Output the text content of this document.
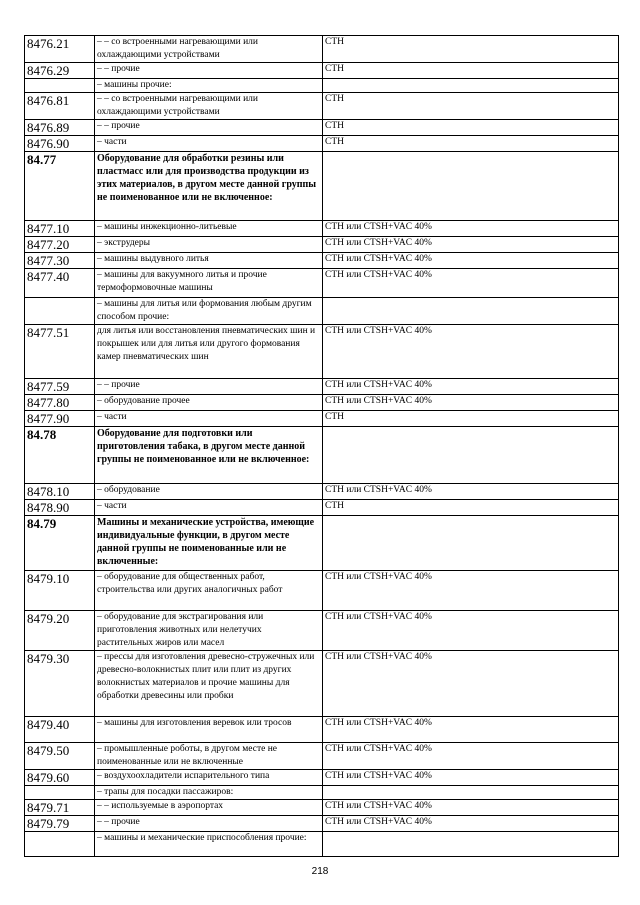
8476.21	– – со встроенными нагревающими или охлаждающими устройствами	СТН
8476.29	– – прочие	СТН
	– машины прочие:	
8476.81	– – со встроенными нагревающими или охлаждающими устройствами	СТН
8476.89	– – прочие	СТН
8476.90	– части	СТН
84.77	Оборудование для обработки резины или пластмасс или для производства продукции из этих материалов, в другом месте данной группы не поименованное или не включенное:	
8477.10	– машины инжекционно-литьевые	СТН или CTSH+VAC 40%
8477.20	– экструдеры	СТН или CTSH+VAC 40%
8477.30	– машины выдувного литья	СТН или CTSH+VAC 40%
8477.40	– машины для вакуумного литья и прочие термоформовочные машины	СТН или CTSH+VAC 40%
	– машины для литья или формования любым другим способом прочие:	
8477.51	для литья или восстановления пневматических шин и покрышек или для литья или другого формования камер пневматических шин	СТН или CTSH+VAC 40%
8477.59	– – прочие	СТН или CTSH+VAC 40%
8477.80	– оборудование прочее	СТН или CTSH+VAC 40%
8477.90	– части	СТН
84.78	Оборудование для подготовки или приготовления табака, в другом месте данной группы не поименованное или не включенное:	
8478.10	– оборудование	СТН или CTSH+VAC 40%
8478.90	– части	СТН
84.79	Машины и механические устройства, имеющие индивидуальные функции, в другом месте данной группы не поименованные или не включенные:	
8479.10	– оборудование для общественных работ, строительства или других аналогичных работ	СТН или CTSH+VAC 40%
8479.20	– оборудование для экстрагирования или приготовления животных или нелетучих растительных жиров или масел	СТН или CTSH+VAC 40%
8479.30	– прессы для изготовления древесно-стружечных или древесно-волокнистых плит или плит из других волокнистых материалов и прочие машины для обработки древесины или пробки	СТН или CTSH+VAC 40%
8479.40	– машины для изготовления веревок или тросов	СТН или CTSH+VAC 40%
8479.50	– промышленные роботы, в другом месте не поименованные или не включенные	СТН или CTSH+VAC 40%
8479.60	– воздухоохладители испарительного типа	СТН или CTSH+VAC 40%
	– трапы для посадки пассажиров:	
8479.71	– – используемые в аэропортах	СТН или CTSH+VAC 40%
8479.79	– – прочие	СТН или CTSH+VAC 40%
	– машины и механические приспособления прочие:	
218
